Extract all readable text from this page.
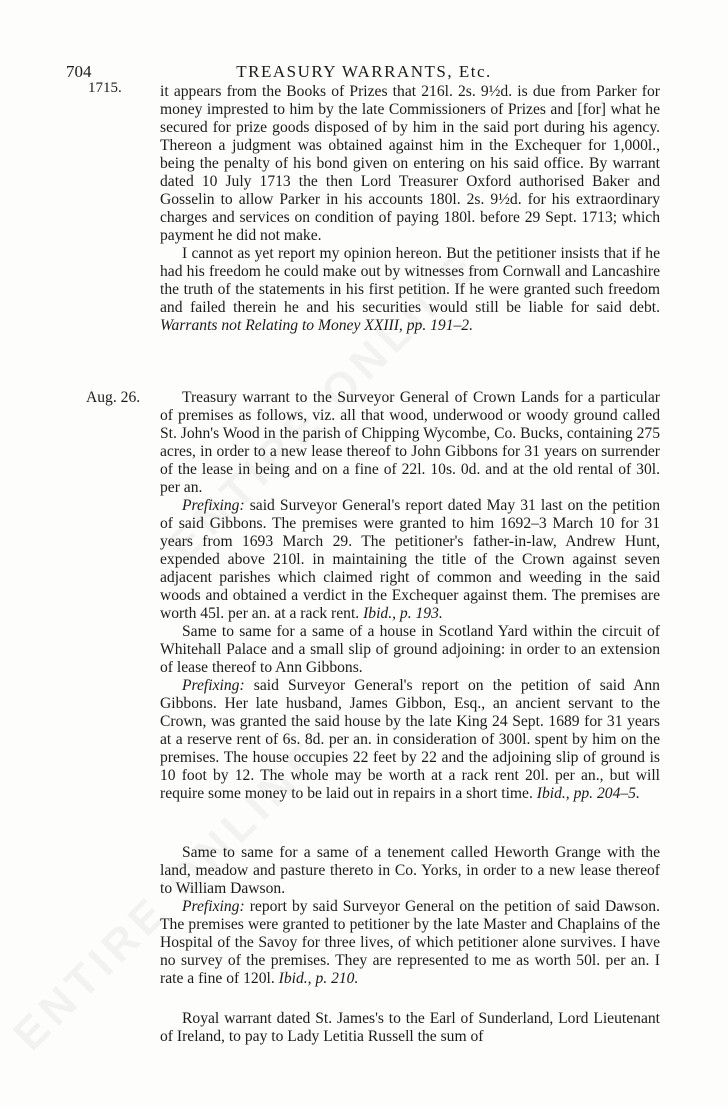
704	TREASURY WARRANTS, Etc.
1715. it appears from the Books of Prizes that 216l. 2s. 9½d. is due from Parker for money imprested to him by the late Commissioners of Prizes and [for] what he secured for prize goods disposed of by him in the said port during his agency. Thereon a judgment was obtained against him in the Exchequer for 1,000l., being the penalty of his bond given on entering on his said office. By warrant dated 10 July 1713 the then Lord Treasurer Oxford authorised Baker and Gosselin to allow Parker in his accounts 180l. 2s. 9½d. for his extraordinary charges and services on condition of paying 180l. before 29 Sept. 1713; which payment he did not make.

I cannot as yet report my opinion hereon. But the petitioner insists that if he had his freedom he could make out by witnesses from Cornwall and Lancashire the truth of the statements in his first petition. If he were granted such freedom and failed therein he and his securities would still be liable for said debt. Warrants not Relating to Money XXIII, pp. 191–2.

Aug. 26.	Treasury warrant to the Surveyor General of Crown Lands for a particular of premises as follows, viz. all that wood, underwood or woody ground called St. John's Wood in the parish of Chipping Wycombe, Co. Bucks, containing 275 acres, in order to a new lease thereof to John Gibbons for 31 years on surrender of the lease in being and on a fine of 22l. 10s. 0d. and at the old rental of 30l. per an.

Prefixing: said Surveyor General's report dated May 31 last on the petition of said Gibbons. The premises were granted to him 1692–3 March 10 for 31 years from 1693 March 29. The petitioner's father-in-law, Andrew Hunt, expended above 210l. in maintaining the title of the Crown against seven adjacent parishes which claimed right of common and weeding in the said woods and obtained a verdict in the Exchequer against them. The premises are worth 45l. per an. at a rack rent. Ibid., p. 193.

Same to same for a same of a house in Scotland Yard within the circuit of Whitehall Palace and a small slip of ground adjoining: in order to an extension of lease thereof to Ann Gibbons.

Prefixing: said Surveyor General's report on the petition of said Ann Gibbons. Her late husband, James Gibbon, Esq., an ancient servant to the Crown, was granted the said house by the late King 24 Sept. 1689 for 31 years at a reserve rent of 6s. 8d. per an. in consideration of 300l. spent by him on the premises. The house occupies 22 feet by 22 and the adjoining slip of ground is 10 foot by 12. The whole may be worth at a rack rent 20l. per an., but will require some money to be laid out in repairs in a short time. Ibid., pp. 204–5.

Same to same for a same of a tenement called Heworth Grange with the land, meadow and pasture thereto in Co. Yorks, in order to a new lease thereof to William Dawson.

Prefixing: report by said Surveyor General on the petition of said Dawson. The premises were granted to petitioner by the late Master and Chaplains of the Hospital of the Savoy for three lives, of which petitioner alone survives. I have no survey of the premises. They are represented to me as worth 50l. per an. I rate a fine of 120l. Ibid., p. 210.

Royal warrant dated St. James's to the Earl of Sunderland, Lord Lieutenant of Ireland, to pay to Lady Letitia Russell the sum of
